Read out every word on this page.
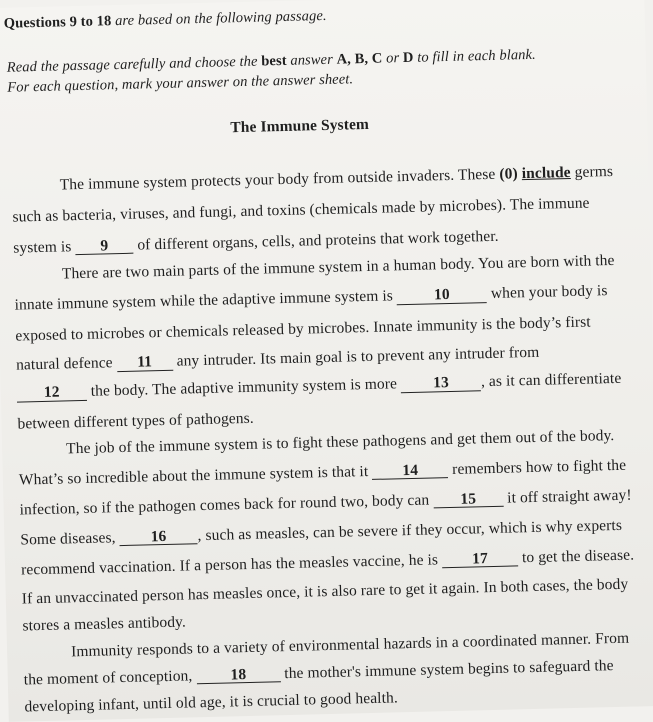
Questions 9 to 18 are based on the following passage.
Read the passage carefully and choose the best answer A, B, C or D to fill in each blank.
For each question, mark your answer on the answer sheet.
The Immune System
The immune system protects your body from outside invaders. These (0) include germs
such as bacteria, viruses, and fungi, and toxins (chemicals made by microbes). The immune
system is 9 of different organs, cells, and proteins that work together.
There are two main parts of the immune system in a human body. You are born with the
innate immune system while the adaptive immune system is 10 when your body is
exposed to microbes or chemicals released by microbes. Innate immunity is the body’s first
natural defence 11 any intruder. Its main goal is to prevent any intruder from
12 the body. The adaptive immunity system is more 13 , as it can differentiate
between different types of pathogens.
The job of the immune system is to fight these pathogens and get them out of the body.
What’s so incredible about the immune system is that it 14 remembers how to fight the
infection, so if the pathogen comes back for round two, body can 15 it off straight away!
Some diseases, 16 , such as measles, can be severe if they occur, which is why experts
recommend vaccination. If a person has the measles vaccine, he is 17 to get the disease.
If an unvaccinated person has measles once, it is also rare to get it again. In both cases, the body
stores a measles antibody.
Immunity responds to a variety of environmental hazards in a coordinated manner. From
the moment of conception, 18 the mother's immune system begins to safeguard the
developing infant, until old age, it is crucial to good health.
